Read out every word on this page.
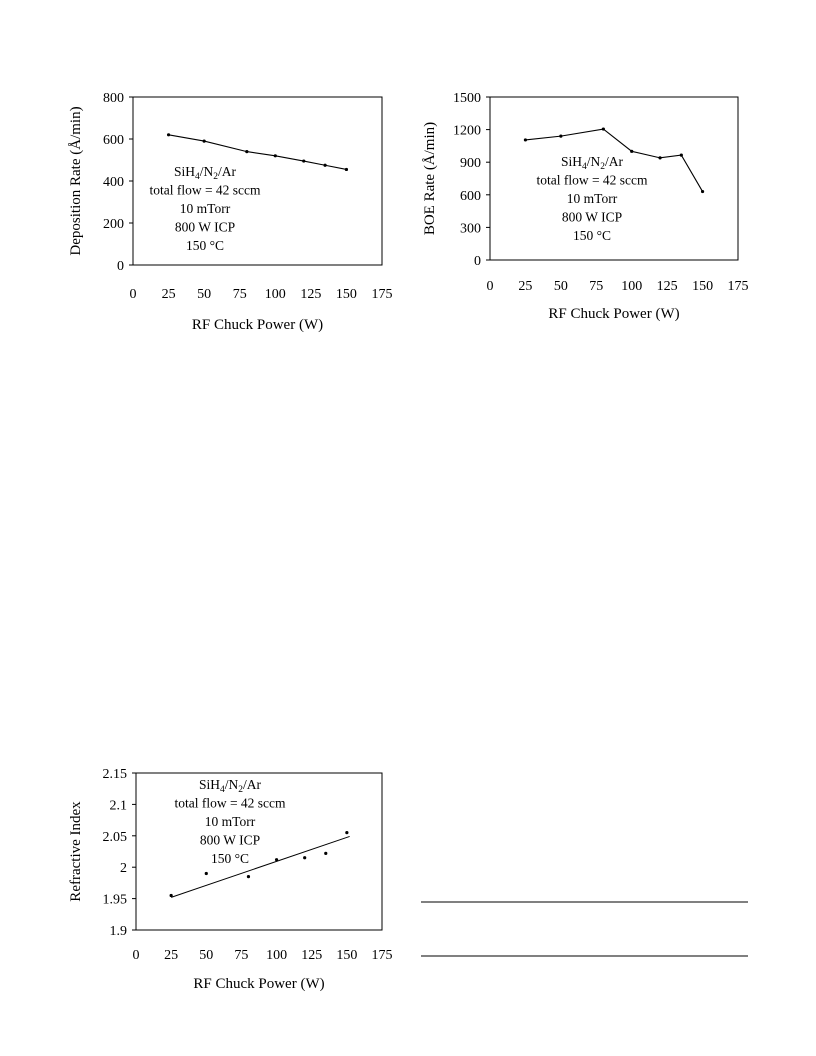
0
200
400
600
800
0 25 50 75 100 125 150 175
RF Chuck Power (W)
Deposition Rate (Å/min)	$SiH_4/N_2/Ar$
total flow = 42 sccm
10 mTorr
800 W ICP
150 °C
0
300
600
900
1200
1500
0 25 50 75 100 125 150 175
RF Chuck Power (W)
BOE Rate (Å/min)	$SiH_4/N_2/Ar$
total flow = 42 sccm
10 mTorr
800 W ICP
150 °C
1.9
1.95
2
2.05
2.1
2.15
0 25 50 75 100 125 150 175
RF Chuck Power (W)
Refractive Index
$SiH_4/N_2/Ar$
total flow = 42 sccm
10 mTorr
800 W ICP
150 °C
